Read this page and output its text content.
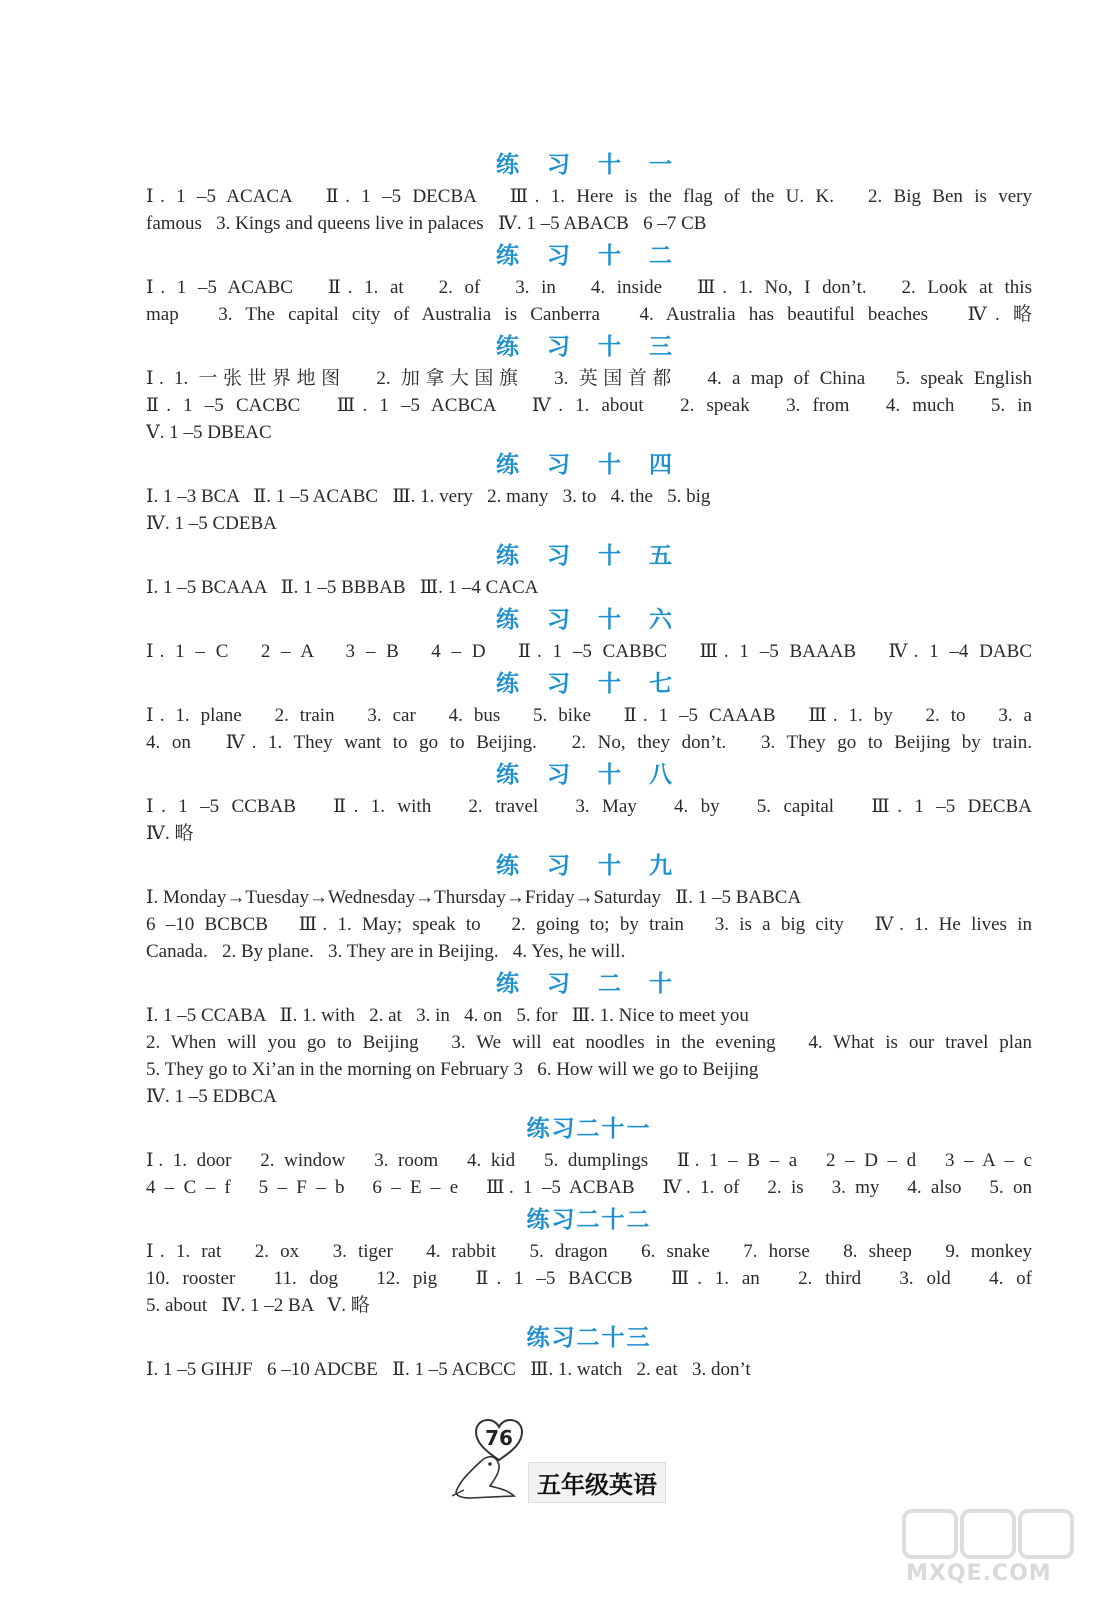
练 习 十 一
Ⅰ. 1 –5 ACACA   Ⅱ. 1 –5 DECBA   Ⅲ. 1. Here is the flag of the U. K.   2. Big Ben is very
famous   3. Kings and queens live in palaces   Ⅳ. 1 –5 ABACB   6 –7 CB
练 习 十 二
Ⅰ. 1 –5 ACABC   Ⅱ. 1. at   2. of   3. in   4. inside   Ⅲ. 1. No, I don’t.   2. Look at this
map   3. The capital city of Australia is Canberra   4. Australia has beautiful beaches   Ⅳ. 略
练 习 十 三
Ⅰ. 1. 一张世界地图   2. 加拿大国旗   3. 英国首都   4. a map of China   5. speak English
Ⅱ. 1 –5 CACBC   Ⅲ. 1 –5 ACBCA   Ⅳ. 1. about   2. speak   3. from   4. much   5. in
Ⅴ. 1 –5 DBEAC
练 习 十 四
Ⅰ. 1 –3 BCA   Ⅱ. 1 –5 ACABC   Ⅲ. 1. very   2. many   3. to   4. the   5. big
Ⅳ. 1 –5 CDEBA
练 习 十 五
Ⅰ. 1 –5 BCAAA   Ⅱ. 1 –5 BBBAB   Ⅲ. 1 –4 CACA
练 习 十 六
Ⅰ. 1 – C   2 – A   3 – B   4 – D   Ⅱ. 1 –5 CABBC   Ⅲ. 1 –5 BAAAB   Ⅳ. 1 –4 DABC
练 习 十 七
Ⅰ. 1. plane   2. train   3. car   4. bus   5. bike   Ⅱ. 1 –5 CAAAB   Ⅲ. 1. by   2. to   3. a
4. on   Ⅳ. 1. They want to go to Beijing.   2. No, they don’t.   3. They go to Beijing by train.
练 习 十 八
Ⅰ. 1 –5 CCBAB   Ⅱ. 1. with   2. travel   3. May   4. by   5. capital   Ⅲ. 1 –5 DECBA
Ⅳ. 略
练 习 十 九
Ⅰ. Monday→Tuesday→Wednesday→Thursday→Friday→Saturday   Ⅱ. 1 –5 BABCA
6 –10 BCBCB   Ⅲ. 1. May; speak to   2. going to; by train   3. is a big city   Ⅳ. 1. He lives in
Canada.   2. By plane.   3. They are in Beijing.   4. Yes, he will.
练 习 二 十
Ⅰ. 1 –5 CCABA   Ⅱ. 1. with   2. at   3. in   4. on   5. for   Ⅲ. 1. Nice to meet you
2. When will you go to Beijing   3. We will eat noodles in the evening   4. What is our travel plan
5. They go to Xi’an in the morning on February 3   6. How will we go to Beijing
Ⅳ. 1 –5 EDBCA
练习二十一
Ⅰ. 1. door   2. window   3. room   4. kid   5. dumplings   Ⅱ. 1 – B – a   2 – D – d   3 – A – c
4 – C – f   5 – F – b   6 – E – e   Ⅲ. 1 –5 ACBAB   Ⅳ. 1. of   2. is   3. my   4. also   5. on
练习二十二
Ⅰ. 1. rat   2. ox   3. tiger   4. rabbit   5. dragon   6. snake   7. horse   8. sheep   9. monkey
10. rooster   11. dog   12. pig   Ⅱ. 1 –5 BACCB   Ⅲ. 1. an   2. third   3. old   4. of
5. about   Ⅳ. 1 –2 BA   Ⅴ. 略
练习二十三
Ⅰ. 1 –5 GIHJF   6 –10 ADCBE   Ⅱ. 1 –5 ACBCC   Ⅲ. 1. watch   2. eat   3. don’t
76
五年级英语
MXQE.COM
